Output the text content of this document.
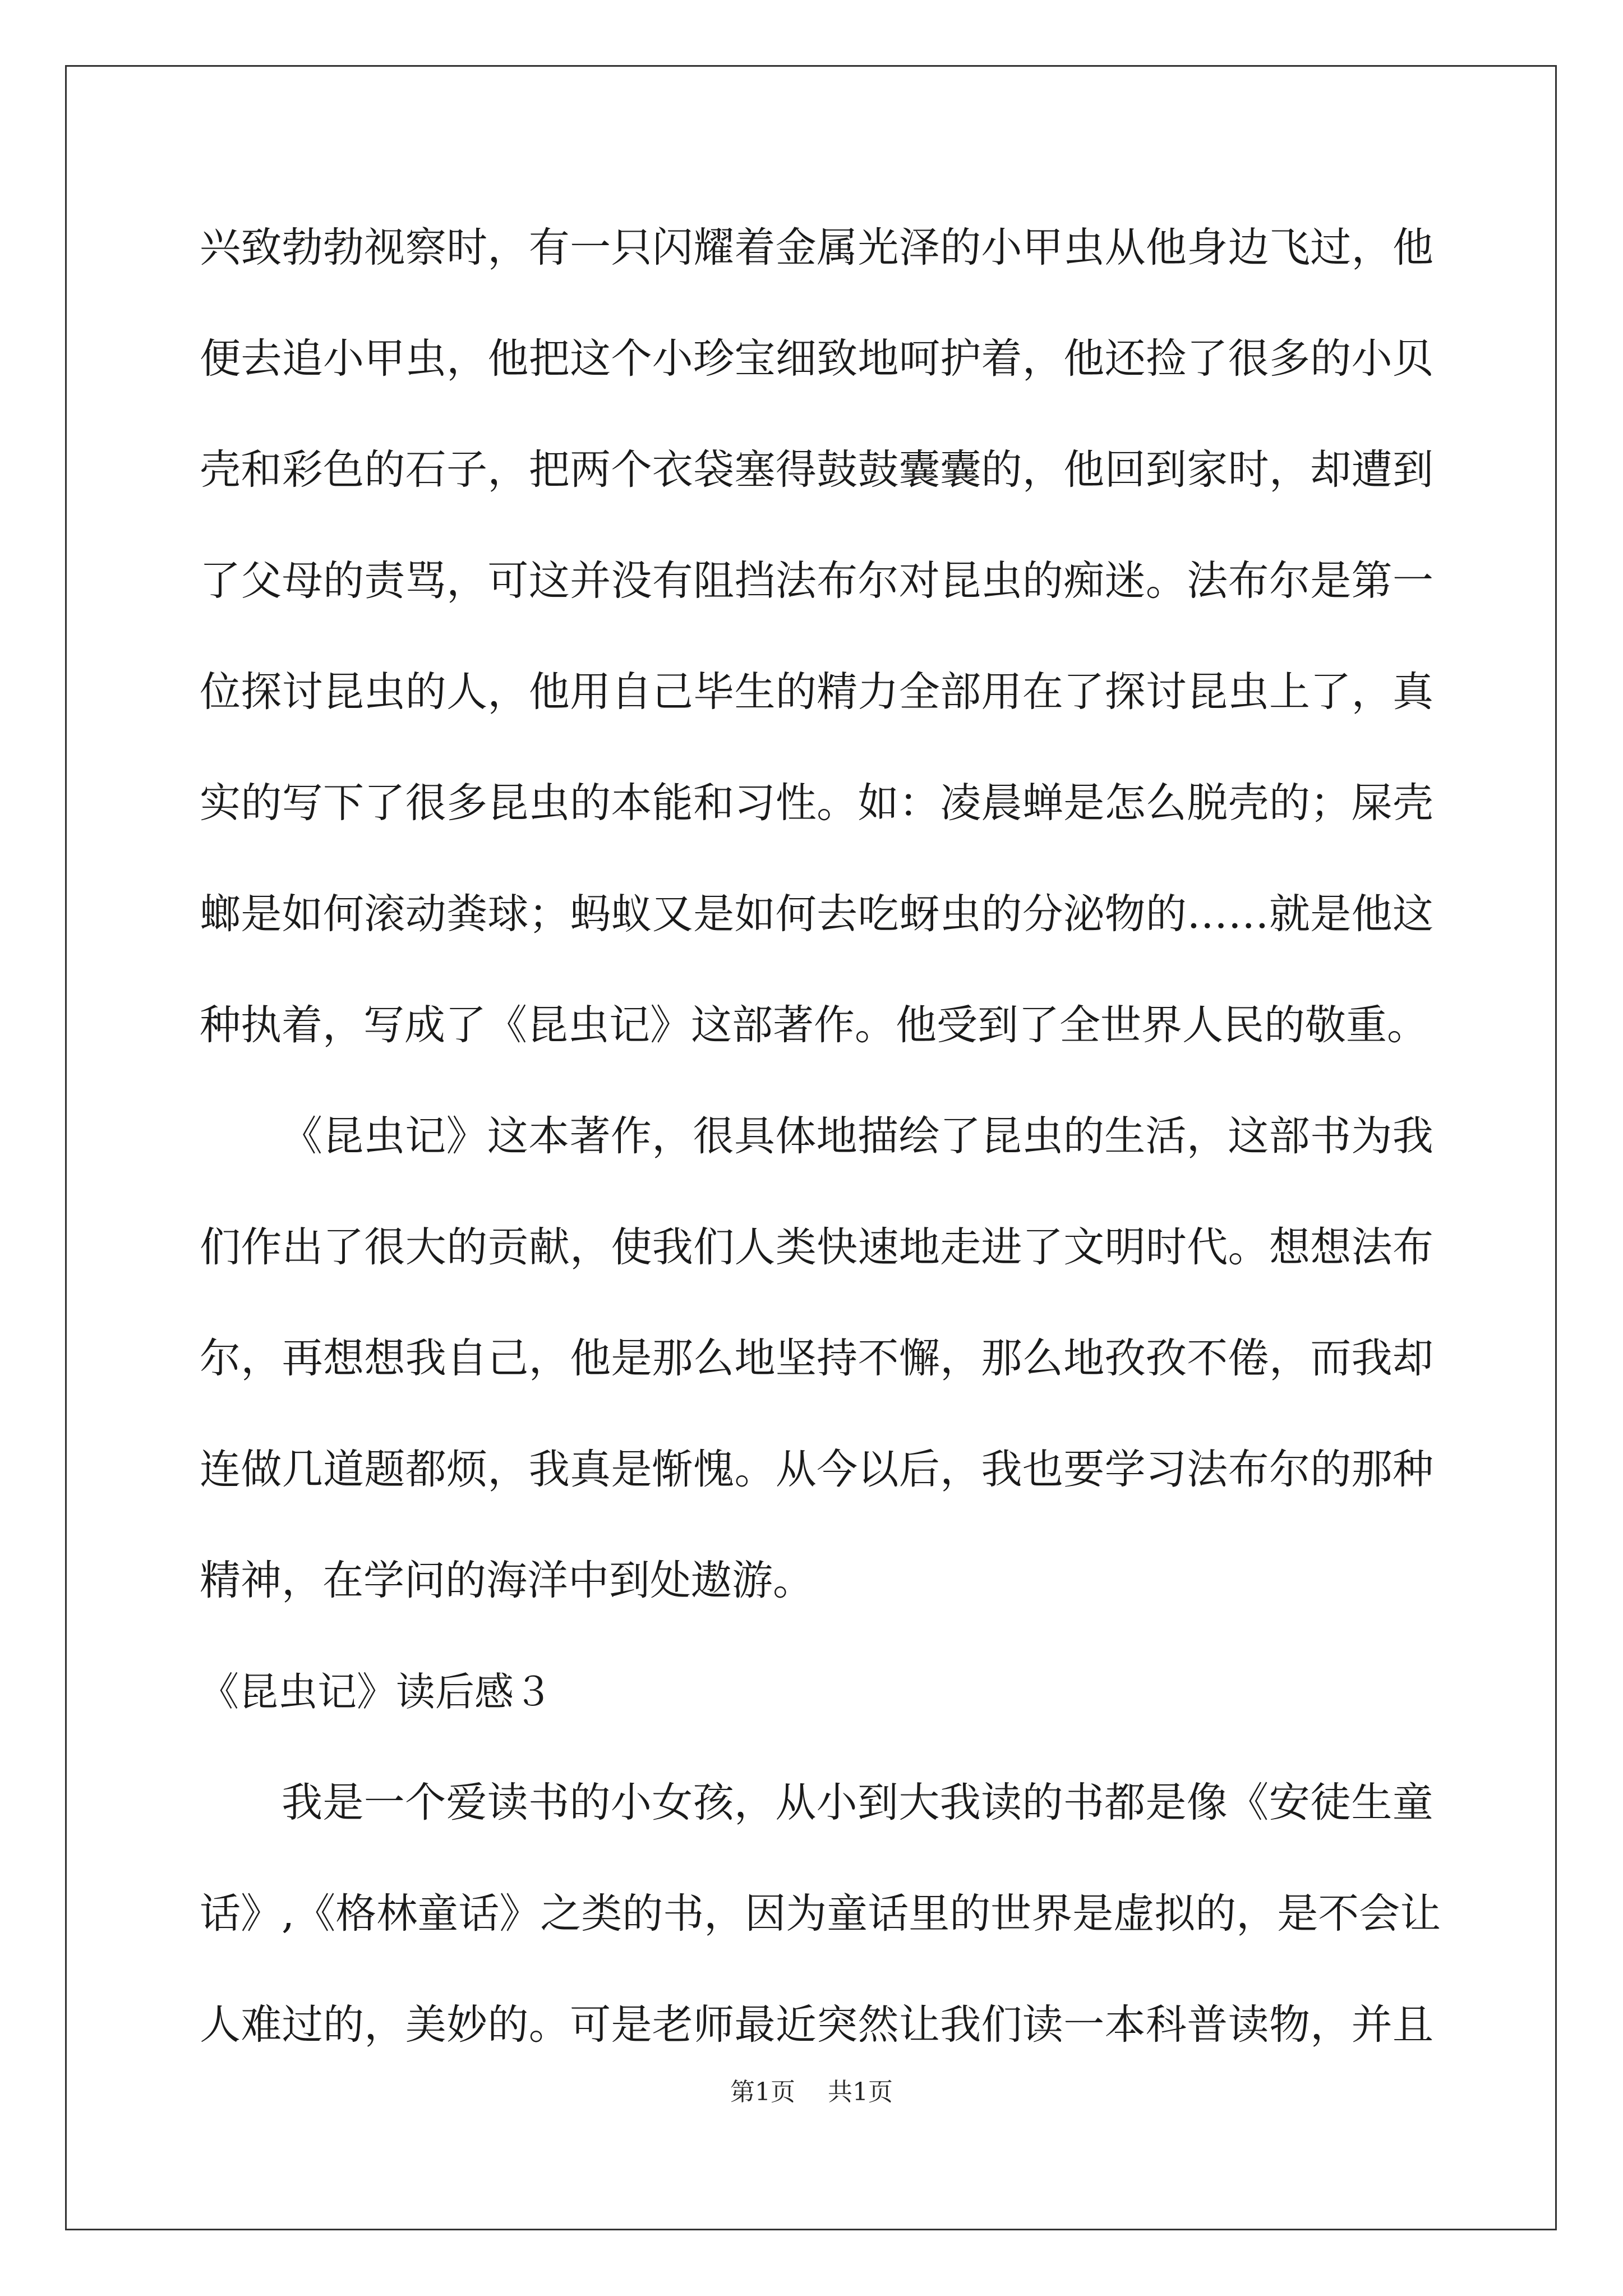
兴 致 勃 勃 视 察 时 ， 有 一 只 闪 耀 着 金 属 光 泽 的 小 甲 虫 从 他 身 边 飞 过 ， 他
便 去 追 小 甲 虫 ， 他 把 这 个 小 珍 宝 细 致 地 呵 护 着 ， 他 还 捡 了 很 多 的 小 贝
壳 和 彩 色 的 石 子 ， 把 两 个 衣 袋 塞 得 鼓 鼓 囊 囊 的 ， 他 回 到 家 时 ， 却 遭 到
了 父 母 的 责 骂 ， 可 这 并 没 有 阻 挡 法 布 尔 对 昆 虫 的 痴 迷 。 法 布 尔 是 第 一
位 探 讨 昆 虫 的 人 ， 他 用 自 己 毕 生 的 精 力 全 部 用 在 了 探 讨 昆 虫 上 了 ， 真
实 的 写 下 了 很 多 昆 虫 的 本 能 和 习 性 。 如 ： 凌 晨 蝉 是 怎 么 脱 壳 的 ； 屎 壳
螂 是 如 何 滚 动 粪 球 ； 蚂 蚁 又 是 如 何 去 吃 蚜 虫 的 分 泌 物 的 … … 就 是 他 这
种执着，写成了《昆虫记》这部著作。他受到了全世界人民的敬重。
《 昆 虫 记 》 这 本 著 作 ， 很 具 体 地 描 绘 了 昆 虫 的 生 活 ， 这 部 书 为 我
们 作 出 了 很 大 的 贡 献 ， 使 我 们 人 类 快 速 地 走 进 了 文 明 时 代 。 想 想 法 布
尔 ， 再 想 想 我 自 己 ， 他 是 那 么 地 坚 持 不 懈 ， 那 么 地 孜 孜 不 倦 ， 而 我 却
连 做 几 道 题 都 烦 ， 我 真 是 惭 愧 。 从 今 以 后 ， 我 也 要 学 习 法 布 尔 的 那 种
精神，在学问的海洋中到处遨游。
《昆虫记》读后感３
我 是 一 个 爱 读 书 的 小 女 孩 ， 从 小 到 大 我 读 的 书 都 是 像 《 安 徒 生 童
话 》 , 《 格 林 童 话 》 之 类 的 书 ， 因 为 童 话 里 的 世 界 是 虚 拟 的 ， 是 不 会 让
人 难 过 的 ， 美 妙 的 。 可 是 老 师 最 近 突 然 让 我 们 读 一 本 科 普 读 物 ， 并 且
第1页 共1页
